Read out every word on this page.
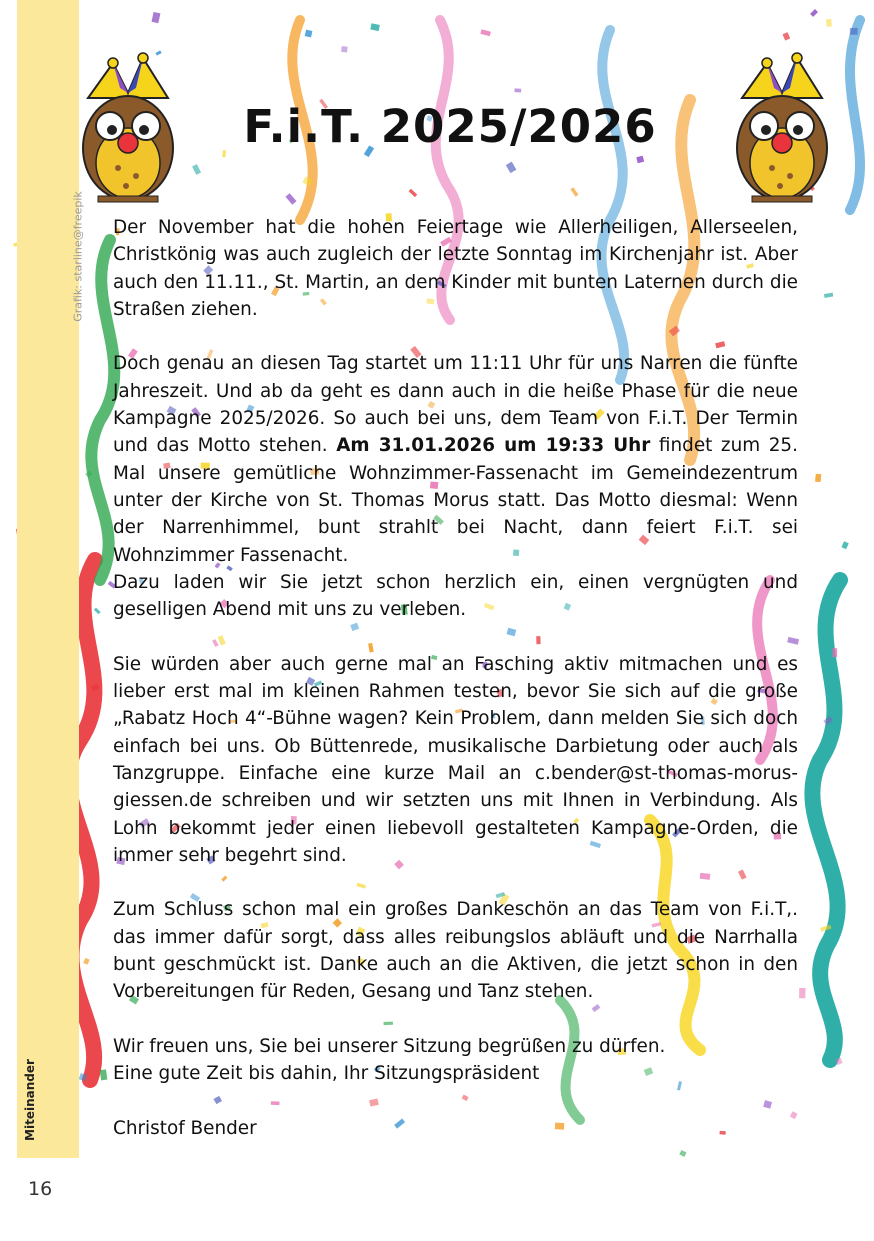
Miteinander
Grafik: starline@freepik
16
F.i.T. 2025/2026

Der November hat die hohen Feiertage wie Allerheiligen, Allerseelen, Christkönig was auch zugleich der letzte Sonntag im Kirchenjahr ist. Aber auch den 11.11., St. Martin, an dem Kinder mit bunten Laternen durch die Straßen ziehen.

Doch genau an diesen Tag startet um 11:11 Uhr für uns Narren die fünfte Jahreszeit. Und ab da geht es dann auch in die heiße Phase für die neue Kampagne 2025/2026. So auch bei uns, dem Team von F.i.T. Der Termin und das Motto stehen. Am 31.01.2026 um 19:33 Uhr findet zum 25. Mal unsere gemütliche Wohnzimmer-Fassenacht im Gemeindezentrum unter der Kirche von St. Thomas Morus statt. Das Motto diesmal: Wenn der Narrenhimmel, bunt strahlt bei Nacht, dann feiert F.i.T. sei Wohnzimmer Fassenacht.
Dazu laden wir Sie jetzt schon herzlich ein, einen vergnügten und geselligen Abend mit uns zu verleben.

Sie würden aber auch gerne mal an Fasching aktiv mitmachen und es lieber erst mal im kleinen Rahmen testen, bevor Sie sich auf die große „Rabatz Hoch 4“-Bühne wagen? Kein Problem, dann melden Sie sich doch einfach bei uns. Ob Büttenrede, musikalische Darbietung oder auch als Tanzgruppe. Einfache eine kurze Mail an c.bender@st-thomas-morus-giessen.de schreiben und wir setzten uns mit Ihnen in Verbindung. Als Lohn bekommt jeder einen liebevoll gestalteten Kampagne-Orden, die immer sehr begehrt sind.

Zum Schluss schon mal ein großes Dankeschön an das Team von F.i.T,. das immer dafür sorgt, dass alles reibungslos abläuft und die Narrhalla bunt geschmückt ist. Danke auch an die Aktiven, die jetzt schon in den Vorbereitungen für Reden, Gesang und Tanz stehen.

Wir freuen uns, Sie bei unserer Sitzung begrüßen zu dürfen.
Eine gute Zeit bis dahin, Ihr Sitzungspräsident

Christof Bender
